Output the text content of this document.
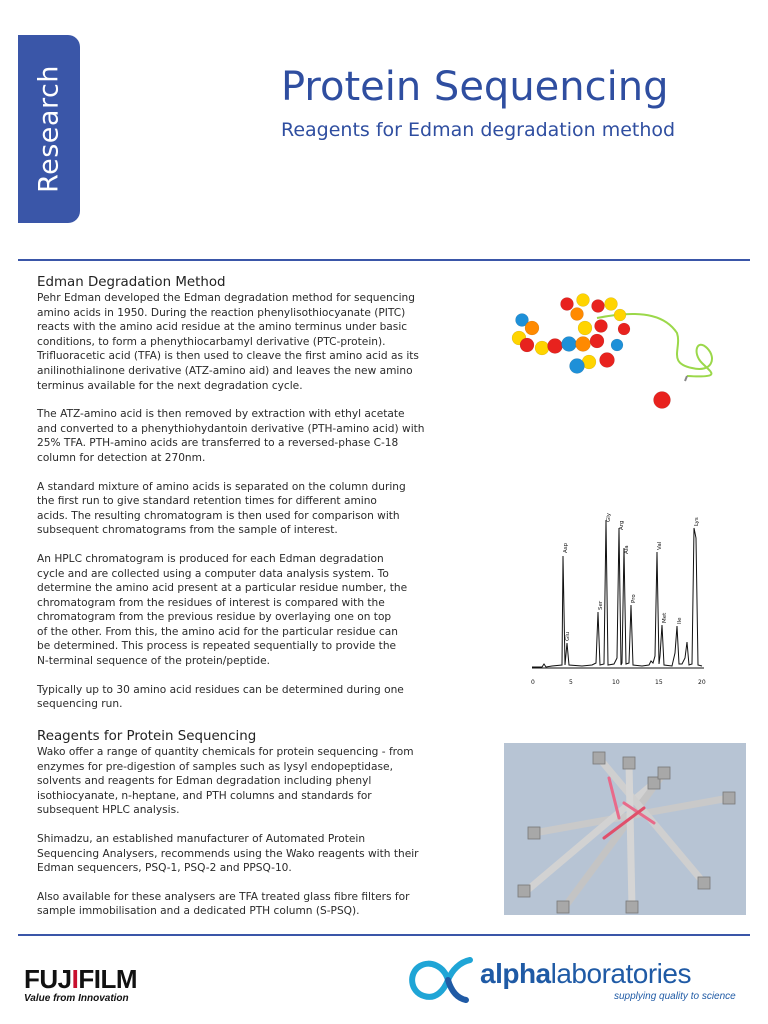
Research	Protein Sequencing
Reagents for Edman degradation method
Edman Degradation Method

Pehr Edman developed the Edman degradation method for sequencing
amino acids in 1950. During the reaction phenylisothiocyanate (PITC)
reacts with the amino acid residue at the amino terminus under basic
conditions, to form a phenythiocarbamyl derivative (PTC-protein).
Trifluoracetic acid (TFA) is then used to cleave the first amino acid as its
anilinothialinone derivative (ATZ-amino aid) and leaves the new amino
terminus available for the next degradation cycle.

The ATZ-amino acid is then removed by extraction with ethyl acetate
and converted to a phenythiohydantoin derivative (PTH-amino acid) with
25% TFA. PTH-amino acids are transferred to a reversed-phase C-18
column for detection at 270nm.

A standard mixture of amino acids is separated on the column during
the first run to give standard retention times for different amino
acids. The resulting chromatogram is then used for comparison with
subsequent chromatograms from the sample of interest.

An HPLC chromatogram is produced for each Edman degradation
cycle and are collected using a computer data analysis system. To
determine the amino acid present at a particular residue number, the
chromatogram from the residues of interest is compared with the
chromatogram from the previous residue by overlaying one on top
of the other. From this, the amino acid for the particular residue can
be determined. This process is repeated sequentially to provide the
N-terminal sequence of the protein/peptide.

Typically up to 30 amino acid residues can be determined during one
sequencing run.

Reagents for Protein Sequencing

Wako offer a range of quantity chemicals for protein sequencing - from
enzymes for pre-digestion of samples such as lysyl endopeptidase,
solvents and reagents for Edman degradation including phenyl
isothiocyanate, n-heptane, and PTH columns and standards for
subsequent HPLC analysis.

Shimadzu, an established manufacturer of Automated Protein
Sequencing Analysers, recommends using the Wako reagents with their
Edman sequencers, PSQ-1, PSQ-2 and PPSQ-10.

Also available for these analysers are TFA treated glass fibre filters for
sample immobilisation and a dedicated PTH column (S-PSQ).

0	5	10	15	20
Asp
Glu
Ser
Gly
Arg
Ala
Pro
Val
Met Ile
Lys
FUJIFILM
Value from Innovation
alphalaboratories
supplying quality to science
